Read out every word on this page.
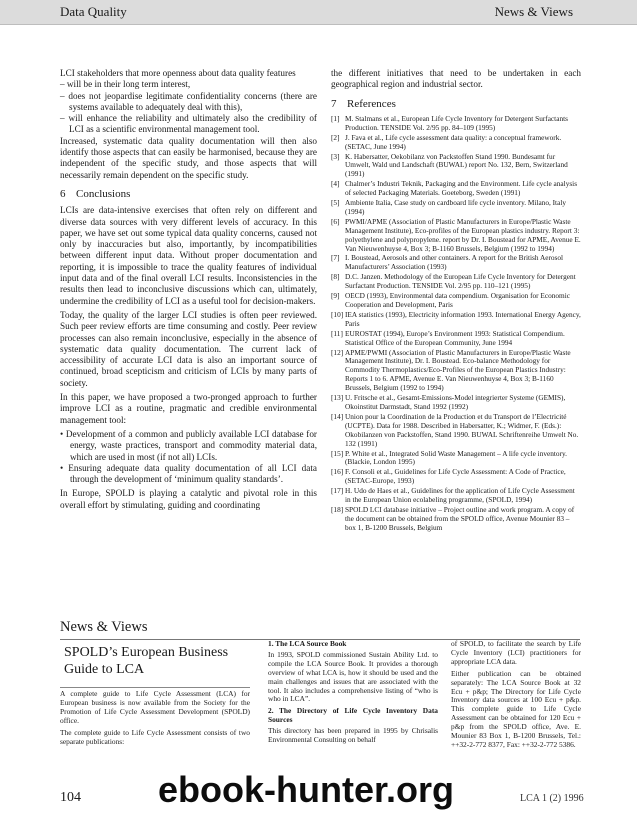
Data Quality	News & Views

LCI stakeholders that more openness about data quality features

– will be in their long term interest,
– does not jeopardise legitimate confidentiality concerns (there are systems available to adequately deal with this),
– will enhance the reliability and ultimately also the credibility of LCI as a scientific environmental management tool.

Increased, systematic data quality documentation will then also identify those aspects that can easily be harmonised, because they are independent of the specific study, and those aspects that will necessarily remain dependent on the specific study.

6 Conclusions

LCIs are data-intensive exercises that often rely on different and diverse data sources with very different levels of accuracy. In this paper, we have set out some typical data quality concerns, caused not only by inaccuracies but also, importantly, by incompatibilities between different input data. Without proper documentation and reporting, it is impossible to trace the quality features of individual input data and of the final overall LCI results. Inconsistencies in the results then lead to inconclusive discussions which can, ultimately, undermine the credibility of LCI as a useful tool for decision-makers.

Today, the quality of the larger LCI studies is often peer reviewed. Such peer review efforts are time consuming and costly. Peer review processes can also remain inconclusive, especially in the absence of systematic data quality documentation. The current lack of accessibility of accurate LCI data is also an important source of continued, broad scepticism and criticism of LCIs by many parts of society.

In this paper, we have proposed a two-pronged approach to further improve LCI as a routine, pragmatic and credible environmental management tool:

• Development of a common and publicly available LCI database for energy, waste practices, transport and commodity material data, which are used in most (if not all) LCIs.
• Ensuring adequate data quality documentation of all LCI data through the development of ‘minimum quality standards’.

In Europe, SPOLD is playing a catalytic and pivotal role in this overall effort by stimulating, guiding and coordinating

the different initiatives that need to be undertaken in each geographical region and industrial sector.

7 References
[1] M. Stalmans et al., European Life Cycle Inventory for Detergent Surfactants Production. TENSIDE Vol. 2/95 pp. 84–109 (1995)
[2] J. Fava et al., Life cycle assessment data quality: a conceptual framework. (SETAC, June 1994)
[3] K. Habersatter, Oekobilanz von Packstoffen Stand 1990. Bundesamt fur Umwelt, Wald und Landschaft (BUWAL) report No. 132, Bern, Switzerland (1991)
[4] Chalmer’s Industri Teknik, Packaging and the Environment. Life cycle analysis of selected Packaging Materials. Goeteborg, Sweden (1991)
[5] Ambiente Italia, Case study on cardboard life cycle inventory. Milano, Italy (1994)
[6] PWMI/APME (Association of Plastic Manufacturers in Europe/Plastic Waste Management Institute), Eco-profiles of the European plastics industry. Report 3: polyethylene and polypropylene. report by Dr. I. Boustead for APME, Avenue E. Van Nieuwenhuyse 4, Box 3; B-1160 Brussels, Belgium (1992 to 1994)
[7] I. Boustead, Aerosols and other containers. A report for the British Aerosol Manufacturers’ Association (1993)
[8] D.C. Janzen. Methodology of the European Life Cycle Inventory for Detergent Surfactant Production. TENSIDE Vol. 2/95 pp. 110–121 (1995)
[9] OECD (1993), Environmental data compendium. Organisation for Economic Cooperation and Development, Paris
[10] IEA statistics (1993), Electricity information 1993. International Energy Agency, Paris
[11] EUROSTAT (1994), Europe’s Environment 1993: Statistical Compendium. Statistical Office of the European Community, June 1994
[12] APME/PWMI (Association of Plastic Manufacturers in Europe/Plastic Waste Management Institute), Dr. I. Boustead. Eco-balance Methodology for Commodity Thermoplastics/Eco-Profiles of the European Plastics Industry: Reports 1 to 6. APME, Avenue E. Van Nieuwenhuyse 4, Box 3; B-1160 Brussels, Belgium (1992 to 1994)
[13] U. Fritsche et al., Gesamt-Emissions-Model integrierter Systeme (GEMIS), Okoinstitut Darmstadt, Stand 1992 (1992)
[14] Union pour la Coordination de la Production et du Transport de l’Electricité (UCPTE). Data for 1988. Described in Habersatter, K.; Widmer, F. (Eds.): Okobilanzen von Packstoffen, Stand 1990. BUWAL Schriftenreihe Umwelt No. 132 (1991)
[15] P. White et al., Integrated Solid Waste Management – A life cycle inventory. (Blackie, London 1995)
[16] F. Consoli et al., Guidelines for Life Cycle Assessment: A Code of Practice, (SETAC-Europe, 1993)
[17] H. Udo de Haes et al., Guidelines for the application of Life Cycle Assessment in the European Union ecolabeling programme, (SPOLD, 1994)
[18] SPOLD LCI database initiative – Project outline and work program. A copy of the document can be obtained from the SPOLD office, Avenue Mounier 83 – box 1, B-1200 Brussels, Belgium
News & Views
SPOLD’s European Business Guide to LCA

A complete guide to Life Cycle Assessment (LCA) for European business is now available from the Society for the Promotion of Life Cycle Assessment Development (SPOLD) office.

The complete guide to Life Cycle Assessment consists of two separate publications:

1. The LCA Source Book

In 1993, SPOLD commissioned Sustain Ability Ltd. to compile the LCA Source Book. It provides a thorough overview of what LCA is, how it should be used and the main challenges and issues that are associated with the tool. It also includes a comprehensive listing of “who is who in LCA”.

2. The Directory of Life Cycle Inventory Data Sources

This directory has been prepared in 1995 by Chrisalis Environmental Consulting on behalf

of SPOLD, to facilitate the search by Life Cycle Inventory (LCI) practitioners for appropriate LCA data.

Either publication can be obtained separately: The LCA Source Book at 32 Ecu + p&p; The Directory for Life Cycle Inventory data sources at 100 Ecu + p&p. This complete guide to Life Cycle Assessment can be obtained for 120 Ecu + p&p from the SPOLD office, Ave. E. Mounier 83 Box 1, B-1200 Brussels, Tel.: ++32-2-772 8377, Fax: ++32-2-772 5386.

104	LCA 1 (2) 1996
ebook-hunter.org
